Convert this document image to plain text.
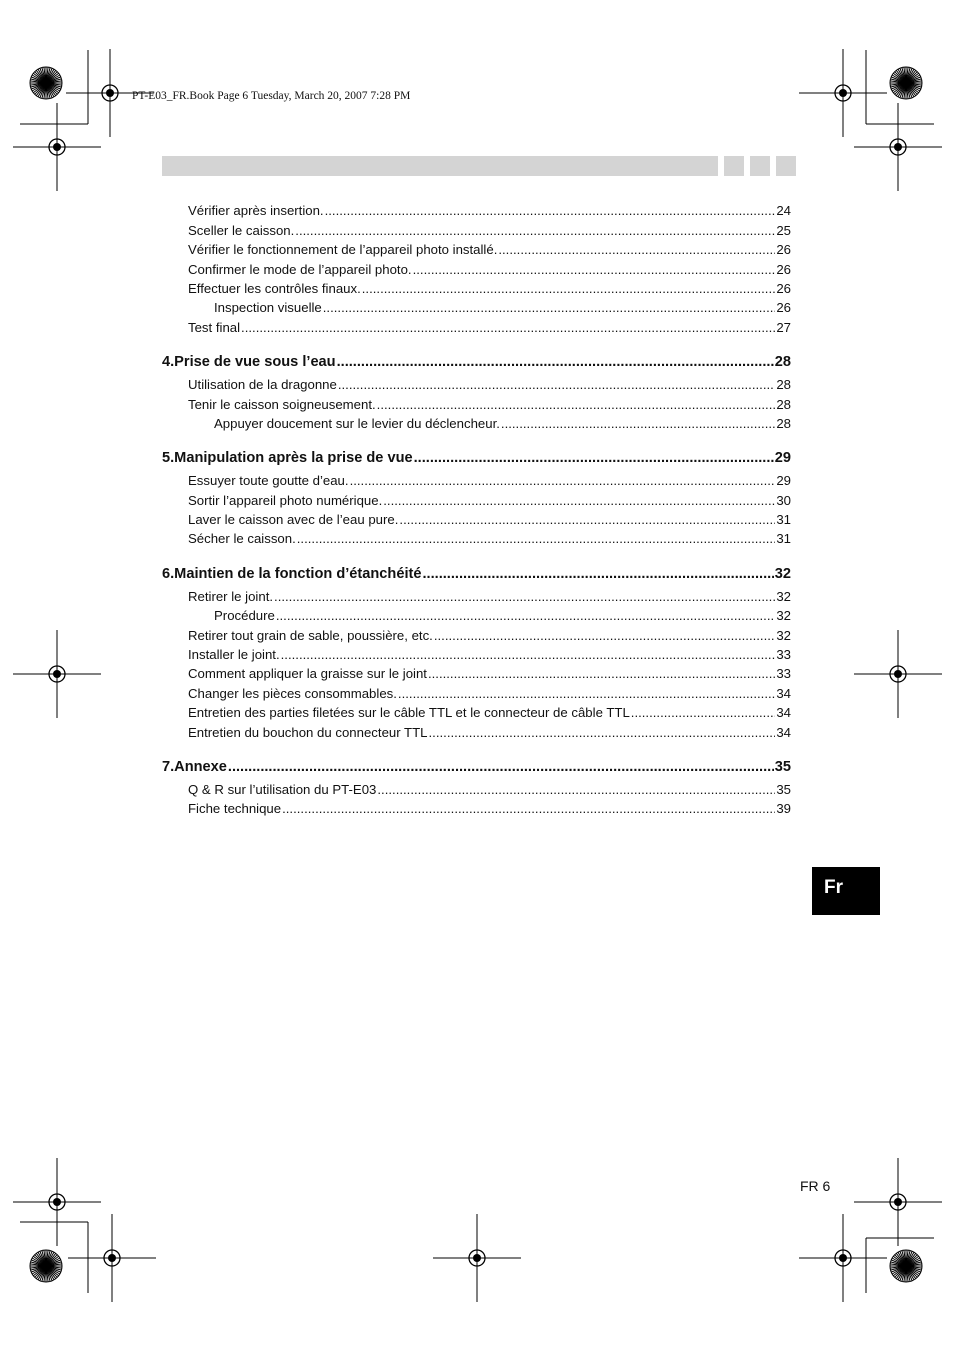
PT-E03_FR.Book Page 6 Tuesday, March 20, 2007 7:28 PM
Vérifier après insertion. .....	24
Sceller le caisson. .....	25
Vérifier le fonctionnement de l’appareil photo installé. .....	26
Confirmer le mode de l’appareil photo. .....	26
Effectuer les contrôles finaux. .....	26
Inspection visuelle .....	26
Test final .....	27
4.Prise de vue sous l’eau .....	28
Utilisation de la dragonne .....	28
Tenir le caisson soigneusement. .....	28
Appuyer doucement sur le levier du déclencheur. .....	28
5.Manipulation après la prise de vue .....	29
Essuyer toute goutte d’eau. .....	29
Sortir l’appareil photo numérique. .....	30
Laver le caisson avec de l’eau pure. .....	31
Sécher le caisson. .....	31
6.Maintien de la fonction d’étanchéité .....	32
Retirer le joint. .....	32
Procédure .....	32
Retirer tout grain de sable, poussière, etc. .....	32
Installer le joint. .....	33
Comment appliquer la graisse sur le joint .....	33
Changer les pièces consommables. .....	34
Entretien des parties filetées sur le câble TTL et le connecteur de câble TTL .....	34
Entretien du bouchon du connecteur TTL .....	34
7.Annexe .....	35
Q & R sur l’utilisation du PT-E03 .....	35
Fiche technique .....	39
Fr
FR 6
